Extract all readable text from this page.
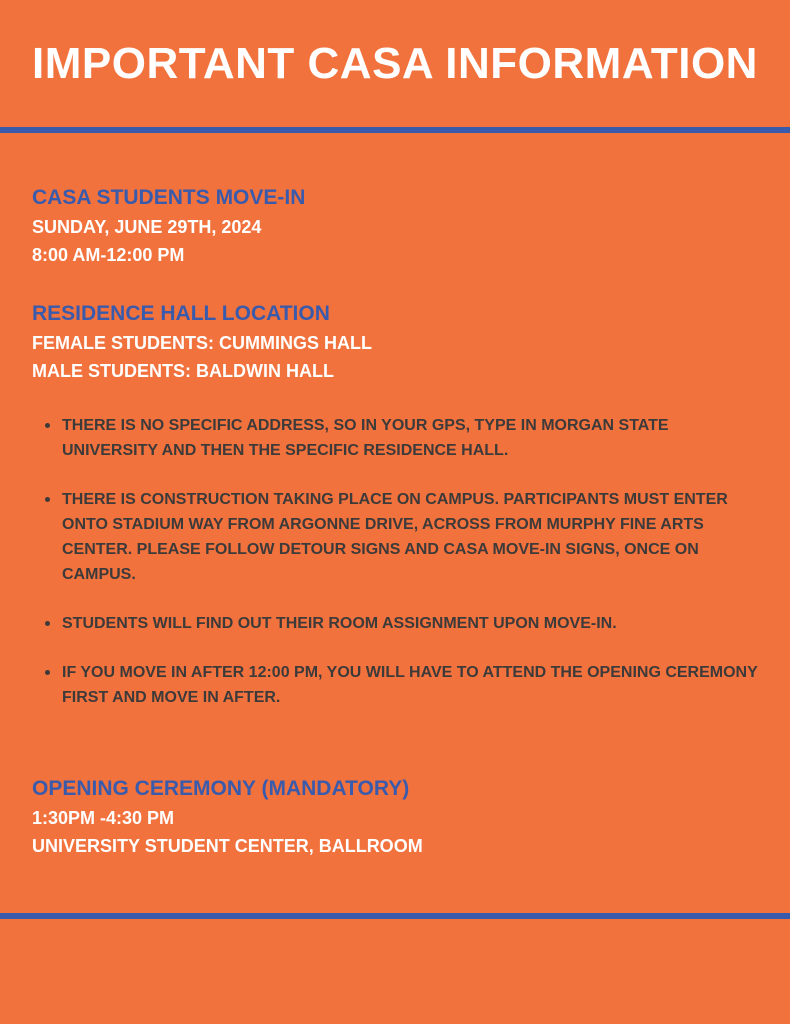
IMPORTANT CASA INFORMATION
CASA STUDENTS MOVE-IN
SUNDAY, JUNE 29TH, 2024
8:00 AM-12:00 PM
RESIDENCE HALL LOCATION
FEMALE STUDENTS: CUMMINGS HALL
MALE STUDENTS: BALDWIN HALL
THERE IS NO SPECIFIC ADDRESS, SO IN YOUR GPS, TYPE IN MORGAN STATE UNIVERSITY AND THEN THE SPECIFIC RESIDENCE HALL.
THERE IS CONSTRUCTION TAKING PLACE ON CAMPUS. PARTICIPANTS MUST ENTER ONTO STADIUM WAY FROM ARGONNE DRIVE, ACROSS FROM MURPHY FINE ARTS CENTER. PLEASE FOLLOW DETOUR SIGNS AND CASA MOVE-IN SIGNS, ONCE ON CAMPUS.
STUDENTS WILL FIND OUT THEIR ROOM ASSIGNMENT UPON MOVE-IN.
IF YOU MOVE IN AFTER 12:00 PM, YOU WILL HAVE TO ATTEND THE OPENING CEREMONY FIRST AND MOVE IN AFTER.
OPENING CEREMONY (MANDATORY)
1:30PM -4:30 PM
UNIVERSITY STUDENT CENTER, BALLROOM
